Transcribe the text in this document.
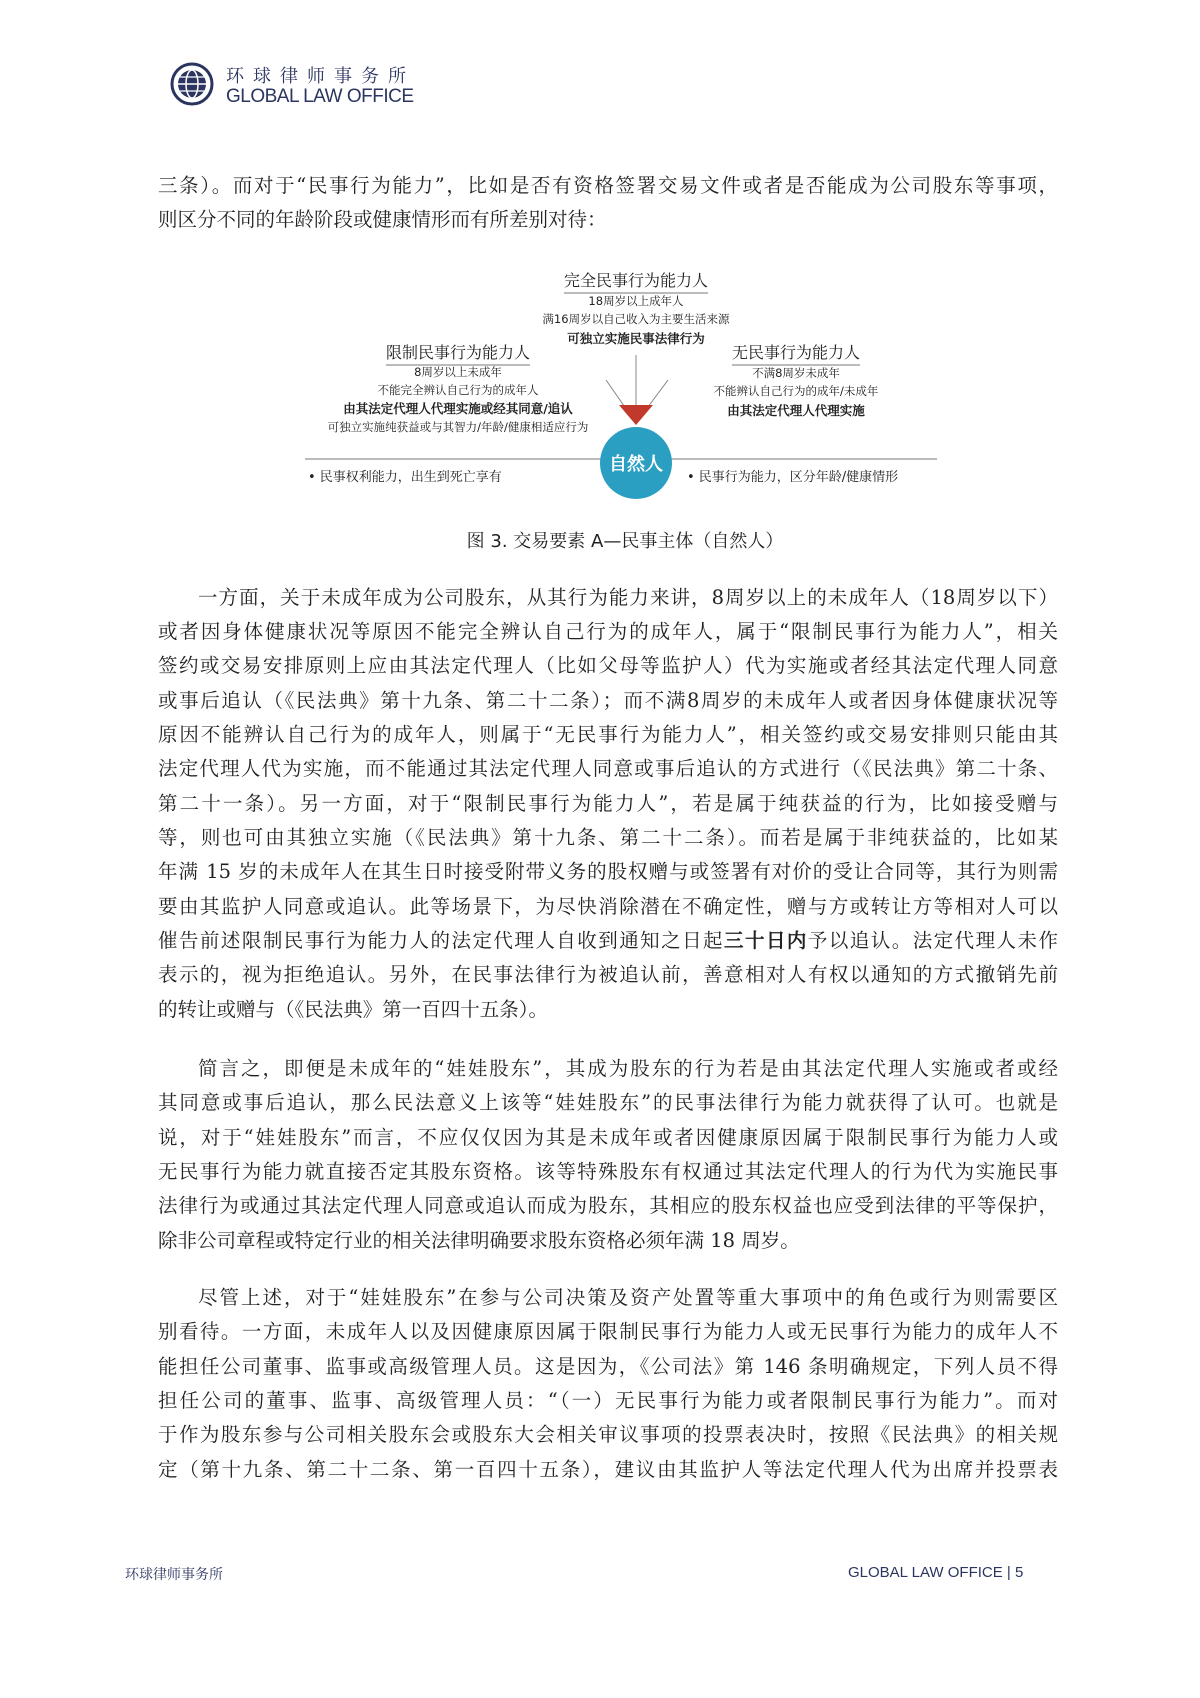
环球律师事务所
GLOBAL LAW OFFICE
三条）。而对于“民事行为能力”，比如是否有资格签署交易文件或者是否能成为公司股东等事项，
则区分不同的年龄阶段或健康情形而有所差别对待：
自然人
完全民事行为能力人
18周岁以上成年人
满16周岁以自己收入为主要生活来源
可独立实施民事法律行为
限制民事行为能力人
8周岁以上未成年
不能完全辨认自己行为的成年人
由其法定代理人代理实施或经其同意/追认
可独立实施纯获益或与其智力/年龄/健康相适应行为
无民事行为能力人
不满8周岁未成年
不能辨认自己行为的成年/未成年
由其法定代理人代理实施
• 民事权利能力，出生到死亡享有	• 民事行为能力，区分年龄/健康情形
图 3. 交易要素 A—民事主体（自然人）
一方面，关于未成年成为公司股东，从其行为能力来讲，8周岁以上的未成年人（18周岁以下）
或者因身体健康状况等原因不能完全辨认自己行为的成年人，属于“限制民事行为能力人”，相关
签约或交易安排原则上应由其法定代理人（比如父母等监护人）代为实施或者经其法定代理人同意
或事后追认（《民法典》第十九条、第二十二条）；而不满8周岁的未成年人或者因身体健康状况等
原因不能辨认自己行为的成年人，则属于“无民事行为能力人”，相关签约或交易安排则只能由其
法定代理人代为实施，而不能通过其法定代理人同意或事后追认的方式进行（《民法典》第二十条、
第二十一条）。另一方面，对于“限制民事行为能力人”，若是属于纯获益的行为，比如接受赠与
等，则也可由其独立实施（《民法典》第十九条、第二十二条）。而若是属于非纯获益的，比如某
年满 15 岁的未成年人在其生日时接受附带义务的股权赠与或签署有对价的受让合同等，其行为则需
要由其监护人同意或追认。此等场景下，为尽快消除潜在不确定性，赠与方或转让方等相对人可以
催告前述限制民事行为能力人的法定代理人自收到通知之日起三十日内予以追认。法定代理人未作
表示的，视为拒绝追认。另外，在民事法律行为被追认前，善意相对人有权以通知的方式撤销先前
的转让或赠与（《民法典》第一百四十五条）。
简言之，即便是未成年的“娃娃股东”，其成为股东的行为若是由其法定代理人实施或者或经
其同意或事后追认，那么民法意义上该等“娃娃股东”的民事法律行为能力就获得了认可。也就是
说，对于“娃娃股东”而言，不应仅仅因为其是未成年或者因健康原因属于限制民事行为能力人或
无民事行为能力就直接否定其股东资格。该等特殊股东有权通过其法定代理人的行为代为实施民事
法律行为或通过其法定代理人同意或追认而成为股东，其相应的股东权益也应受到法律的平等保护，
除非公司章程或特定行业的相关法律明确要求股东资格必须年满 18 周岁。
尽管上述，对于“娃娃股东”在参与公司决策及资产处置等重大事项中的角色或行为则需要区
别看待。一方面，未成年人以及因健康原因属于限制民事行为能力人或无民事行为能力的成年人不
能担任公司董事、监事或高级管理人员。这是因为，《公司法》第 146 条明确规定，下列人员不得
担任公司的董事、监事、高级管理人员：“（一）无民事行为能力或者限制民事行为能力”。而对
于作为股东参与公司相关股东会或股东大会相关审议事项的投票表决时，按照《民法典》的相关规
定（第十九条、第二十二条、第一百四十五条），建议由其监护人等法定代理人代为出席并投票表
环球律师事务所	GLOBAL LAW OFFICE | 5
